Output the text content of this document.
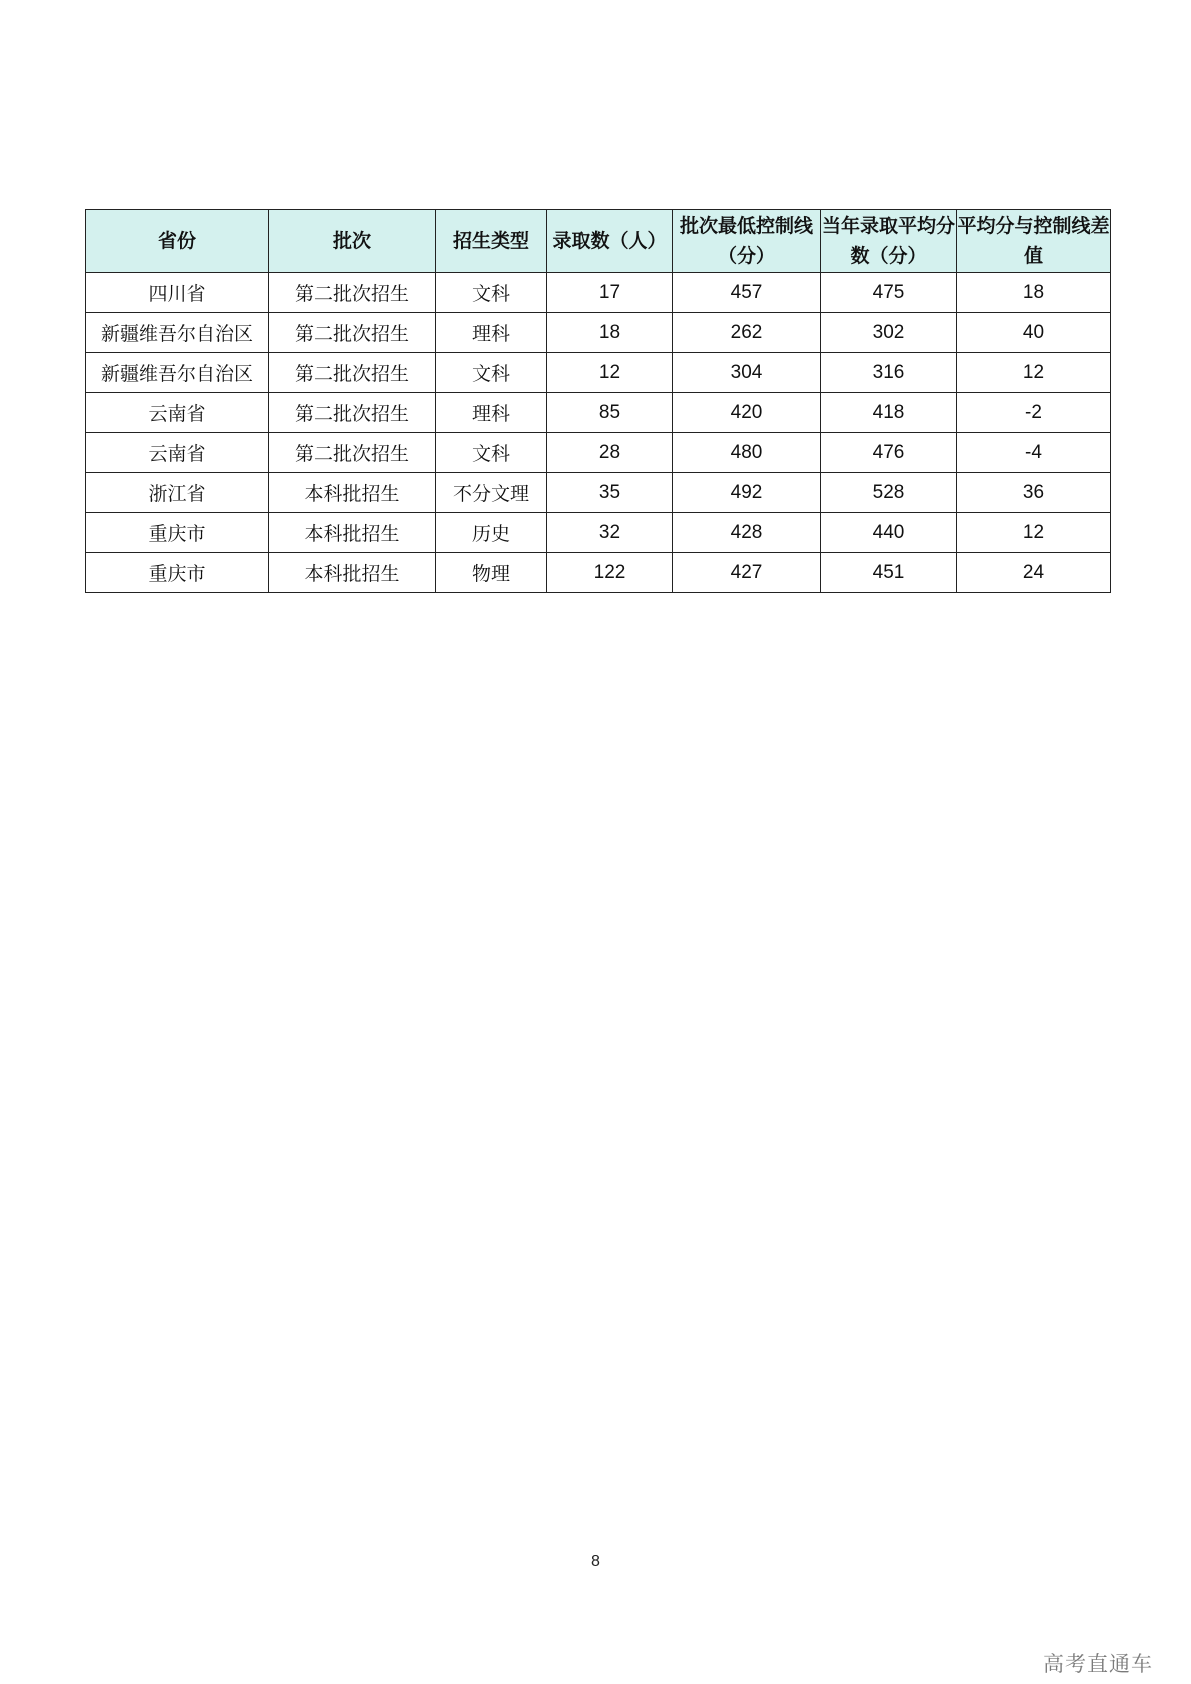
省份	批次	招生类型	录取数（人）	批次最低控制线（分）	当年录取平均分数（分）	平均分与控制线差值
四川省	第二批次招生	文科	17	457	475	18
新疆维吾尔自治区	第二批次招生	理科	18	262	302	40
新疆维吾尔自治区	第二批次招生	文科	12	304	316	12
云南省	第二批次招生	理科	85	420	418	-2
云南省	第二批次招生	文科	28	480	476	-4
浙江省	本科批招生	不分文理	35	492	528	36
重庆市	本科批招生	历史	32	428	440	12
重庆市	本科批招生	物理	122	427	451	24
8
高考直通车
